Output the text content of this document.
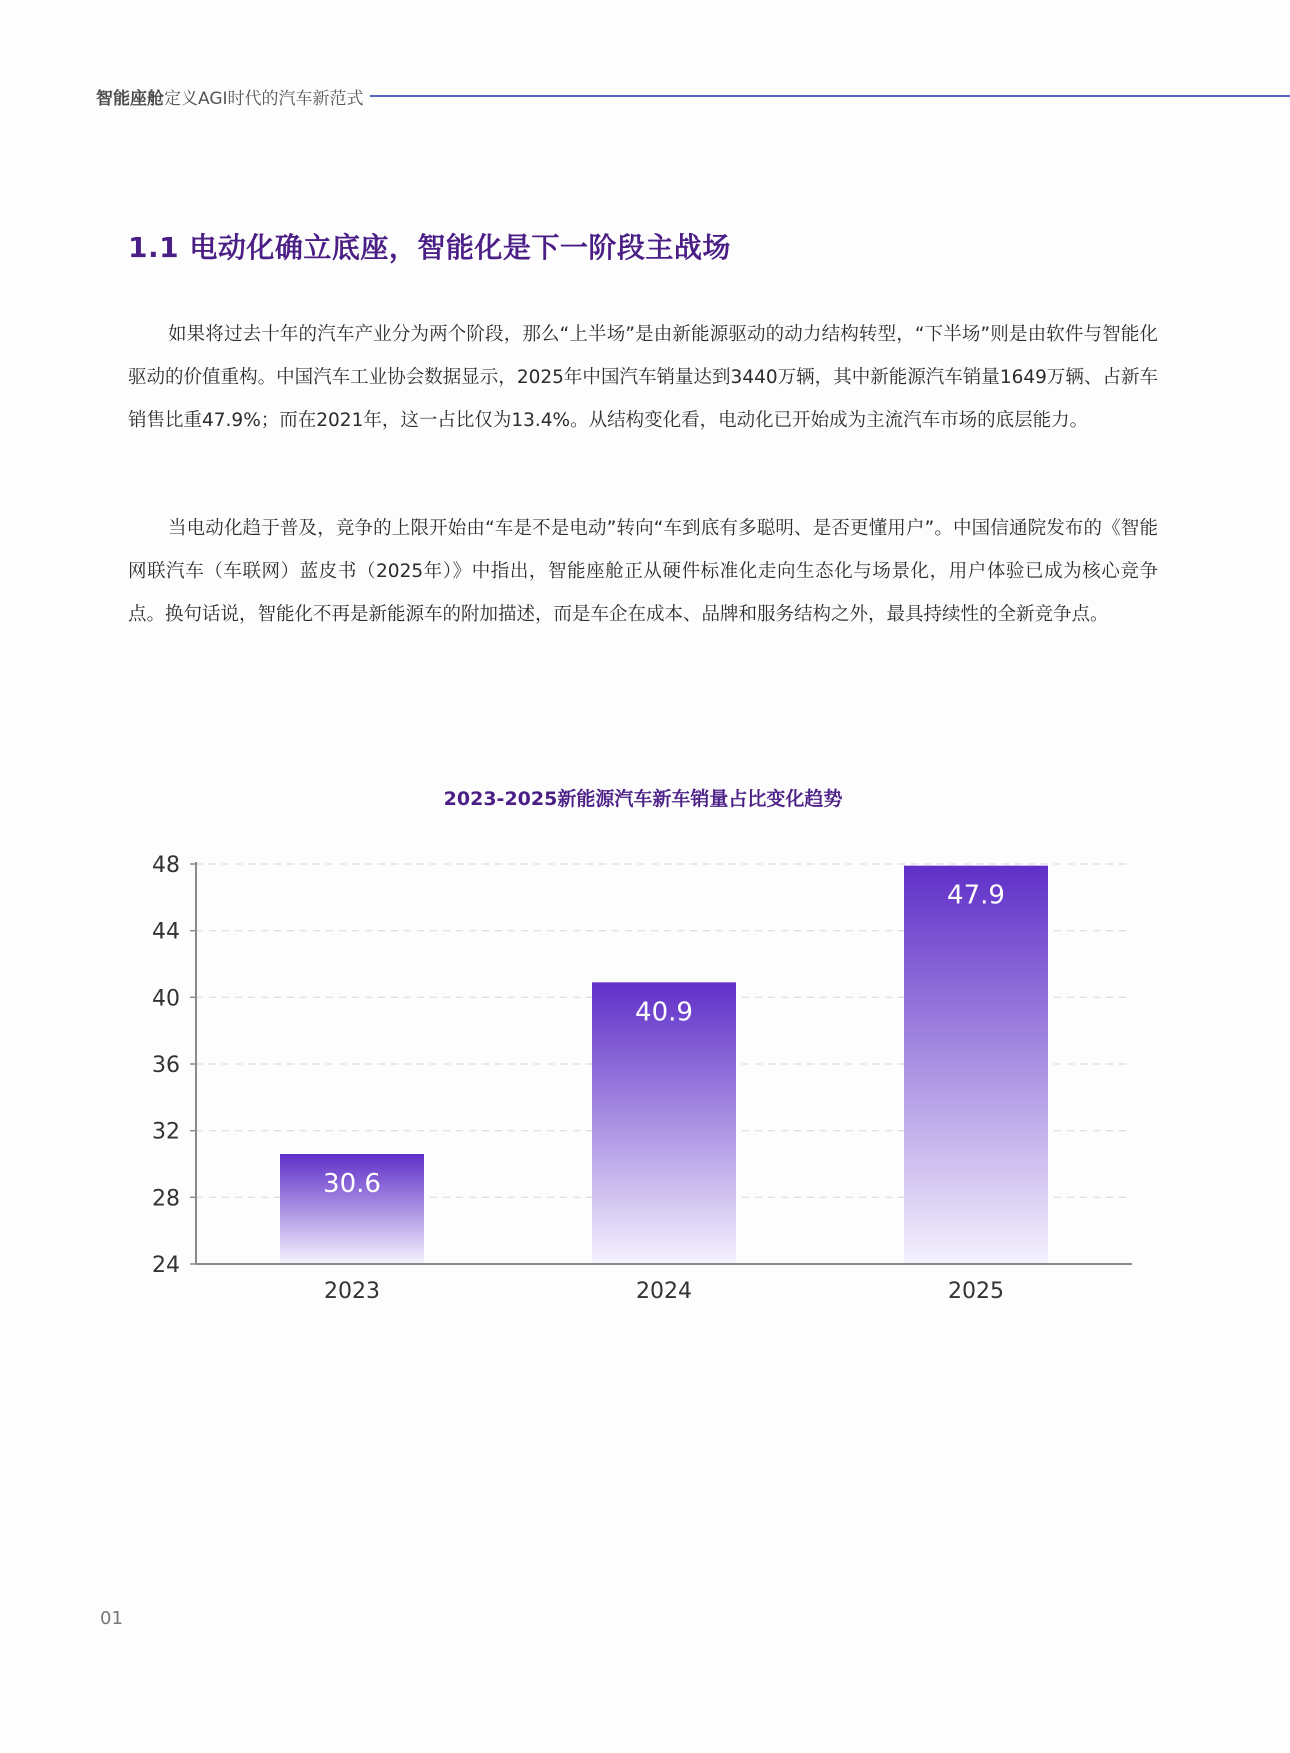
智能座舱 定义AGI时代的汽车新范式
1.1 电动化确立底座，智能化是下一阶段主战场

如果将过去十年的汽车产业分为两个阶段，那么“上半场”是由新能源驱动的动力结构转型，“下半场”则是由软件与智能化驱动的价值重构。中国汽车工业协会数据显示，2025年中国汽车销量达到3440万辆，其中新能源汽车销量1649万辆、占新车销售比重47.9%；而在2021年，这一占比仅为13.4%。从结构变化看，电动化已开始成为主流汽车市场的底层能力。

当电动化趋于普及，竞争的上限开始由“车是不是电动”转向“车到底有多聪明、是否更懂用户”。中国信通院发布的《智能网联汽车（车联网）蓝皮书（2025年）》中指出，智能座舱正从硬件标准化走向生态化与场景化，用户体验已成为核心竞争点。换句话说，智能化不再是新能源车的附加描述，而是车企在成本、品牌和服务结构之外，最具持续性的全新竞争点。

2023-2025新能源汽车新车销量占比变化趋势
24
28
32
36
40
44
48
2023	2024	2025
30.6
40.9
47.9
01
